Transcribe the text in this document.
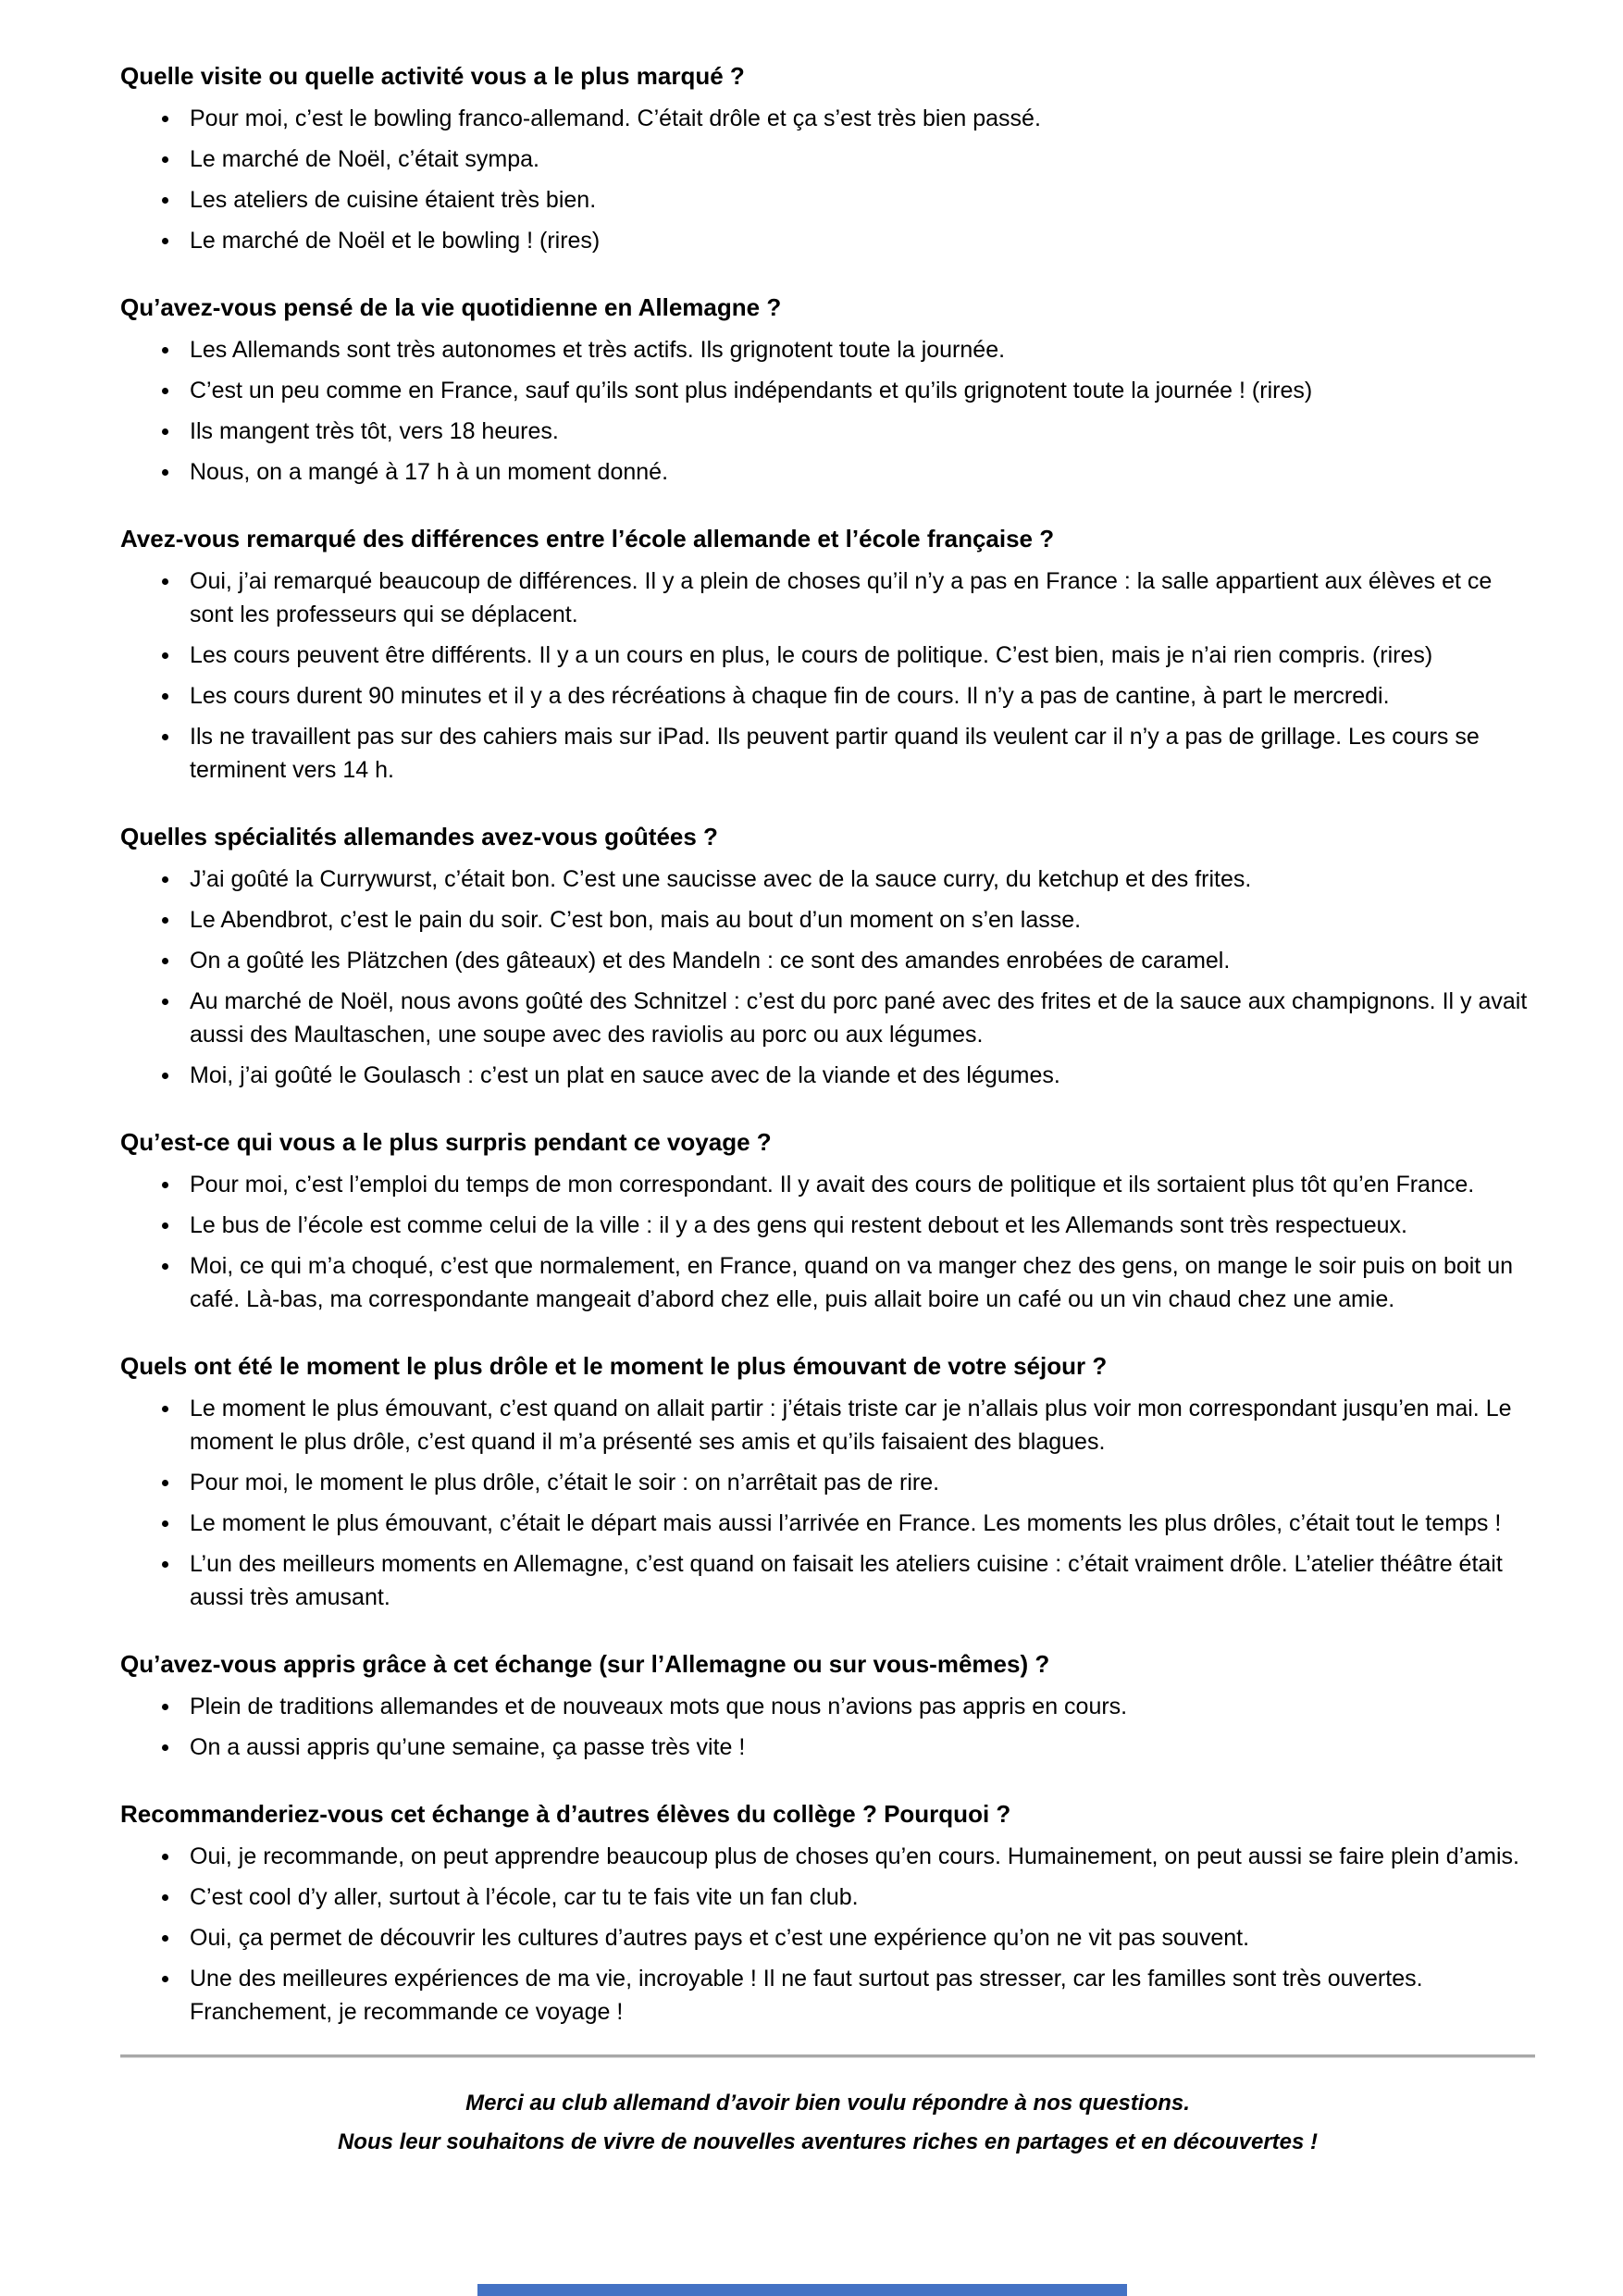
Quelle visite ou quelle activité vous a le plus marqué ?
Pour moi, c’est le bowling franco-allemand. C’était drôle et ça s’est très bien passé.
Le marché de Noël, c’était sympa.
Les ateliers de cuisine étaient très bien.
Le marché de Noël et le bowling ! (rires)
Qu’avez-vous pensé de la vie quotidienne en Allemagne ?
Les Allemands sont très autonomes et très actifs. Ils grignotent toute la journée.
C’est un peu comme en France, sauf qu’ils sont plus indépendants et qu’ils grignotent toute la journée ! (rires)
Ils mangent très tôt, vers 18 heures.
Nous, on a mangé à 17 h à un moment donné.
Avez-vous remarqué des différences entre l’école allemande et l’école française ?
Oui, j’ai remarqué beaucoup de différences. Il y a plein de choses qu’il n’y a pas en France : la salle appartient aux élèves et ce sont les professeurs qui se déplacent.
Les cours peuvent être différents. Il y a un cours en plus, le cours de politique. C’est bien, mais je n’ai rien compris. (rires)
Les cours durent 90 minutes et il y a des récréations à chaque fin de cours. Il n’y a pas de cantine, à part le mercredi.
Ils ne travaillent pas sur des cahiers mais sur iPad. Ils peuvent partir quand ils veulent car il n’y a pas de grillage. Les cours se terminent vers 14 h.
Quelles spécialités allemandes avez-vous goûtées ?
J’ai goûté la Currywurst, c’était bon. C’est une saucisse avec de la sauce curry, du ketchup et des frites.
Le Abendbrot, c’est le pain du soir. C’est bon, mais au bout d’un moment on s’en lasse.
On a goûté les Plätzchen (des gâteaux) et des Mandeln : ce sont des amandes enrobées de caramel.
Au marché de Noël, nous avons goûté des Schnitzel : c’est du porc pané avec des frites et de la sauce aux champignons. Il y avait aussi des Maultaschen, une soupe avec des raviolis au porc ou aux légumes.
Moi, j’ai goûté le Goulasch : c’est un plat en sauce avec de la viande et des légumes.
Qu’est-ce qui vous a le plus surpris pendant ce voyage ?
Pour moi, c’est l’emploi du temps de mon correspondant. Il y avait des cours de politique et ils sortaient plus tôt qu’en France.
Le bus de l’école est comme celui de la ville : il y a des gens qui restent debout et les Allemands sont très respectueux.
Moi, ce qui m’a choqué, c’est que normalement, en France, quand on va manger chez des gens, on mange le soir puis on boit un café. Là-bas, ma correspondante mangeait d’abord chez elle, puis allait boire un café ou un vin chaud chez une amie.
Quels ont été le moment le plus drôle et le moment le plus émouvant de votre séjour ?
Le moment le plus émouvant, c’est quand on allait partir : j’étais triste car je n’allais plus voir mon correspondant jusqu’en mai. Le moment le plus drôle, c’est quand il m’a présenté ses amis et qu’ils faisaient des blagues.
Pour moi, le moment le plus drôle, c’était le soir : on n’arrêtait pas de rire.
Le moment le plus émouvant, c’était le départ mais aussi l’arrivée en France. Les moments les plus drôles, c’était tout le temps !
L’un des meilleurs moments en Allemagne, c’est quand on faisait les ateliers cuisine : c’était vraiment drôle. L’atelier théâtre était aussi très amusant.
Qu’avez-vous appris grâce à cet échange (sur l’Allemagne ou sur vous-mêmes) ?
Plein de traditions allemandes et de nouveaux mots que nous n’avions pas appris en cours.
On a aussi appris qu’une semaine, ça passe très vite !
Recommanderiez-vous cet échange à d’autres élèves du collège ? Pourquoi ?
Oui, je recommande, on peut apprendre beaucoup plus de choses qu’en cours. Humainement, on peut aussi se faire plein d’amis.
C’est cool d’y aller, surtout à l’école, car tu te fais vite un fan club.
Oui, ça permet de découvrir les cultures d’autres pays et c’est une expérience qu’on ne vit pas souvent.
Une des meilleures expériences de ma vie, incroyable ! Il ne faut surtout pas stresser, car les familles sont très ouvertes. Franchement, je recommande ce voyage !

Merci au club allemand d’avoir bien voulu répondre à nos questions.

Nous leur souhaitons de vivre de nouvelles aventures riches en partages et en découvertes !
